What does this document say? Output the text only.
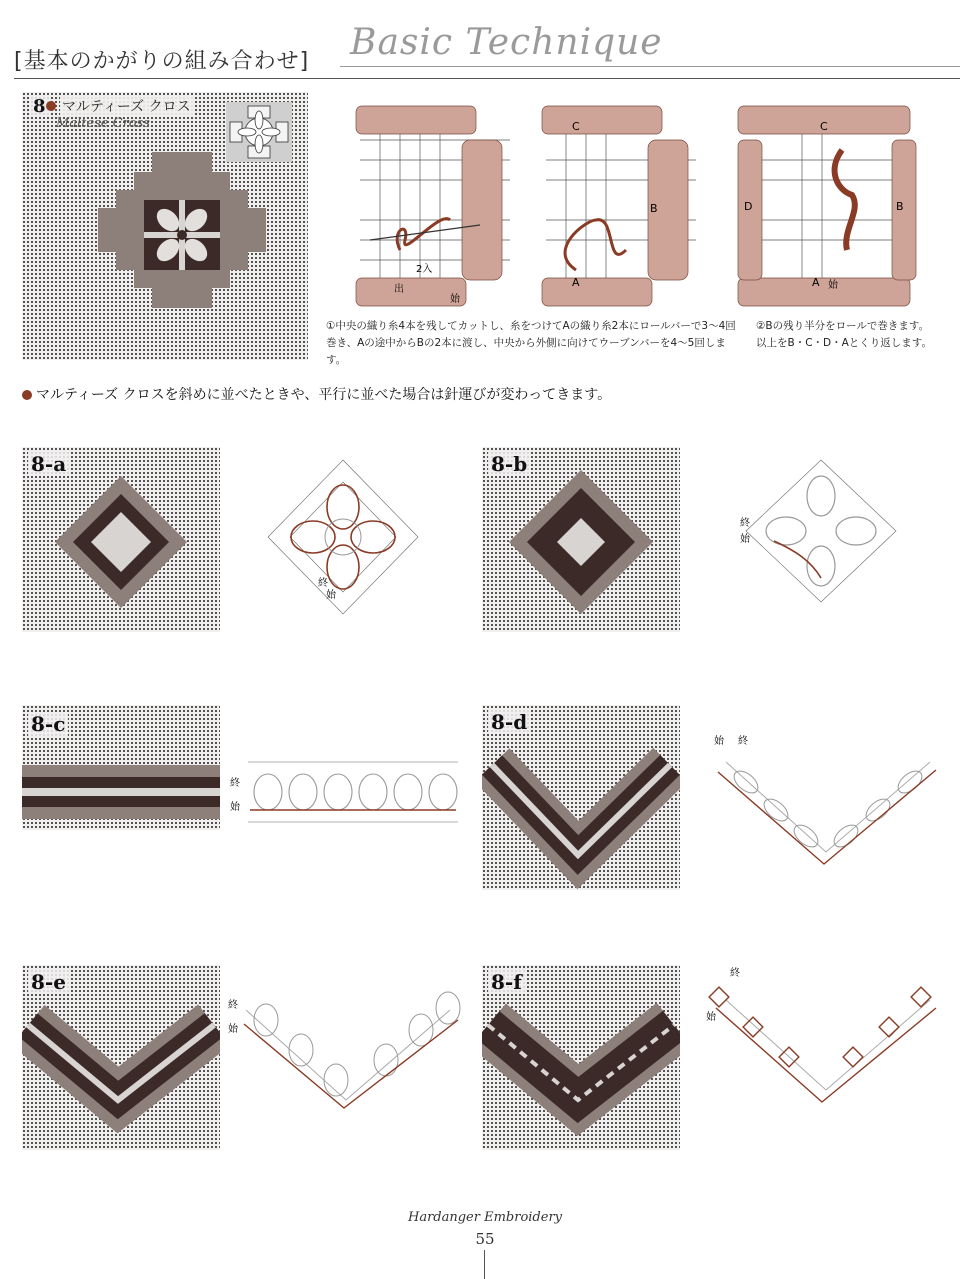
[基本のかがりの組み合わせ] Basic Technique
8 マルティーズ クロス
Maltese Cross
2入
出
始
C
B
A
C
D	B
A 始
①中央の織り糸4本を残してカットし、糸をつけてAの織り糸2本にロールバーで3～4回
巻き、Aの途中からBの2本に渡し、中央から外側に向けてウーブンバーを4～5回します。
②Bの残り半分をロールで巻きます。
以上をB・C・D・Aとくり返します。
マルティーズ クロスを斜めに並べたときや、平行に並べた場合は針運びが変わってきます。
8-a	8-b
8-c	8-d
8-e	8-f
終
始
終
始
終
始
始 終
終
始
終
始
Hardanger Embroidery
55
